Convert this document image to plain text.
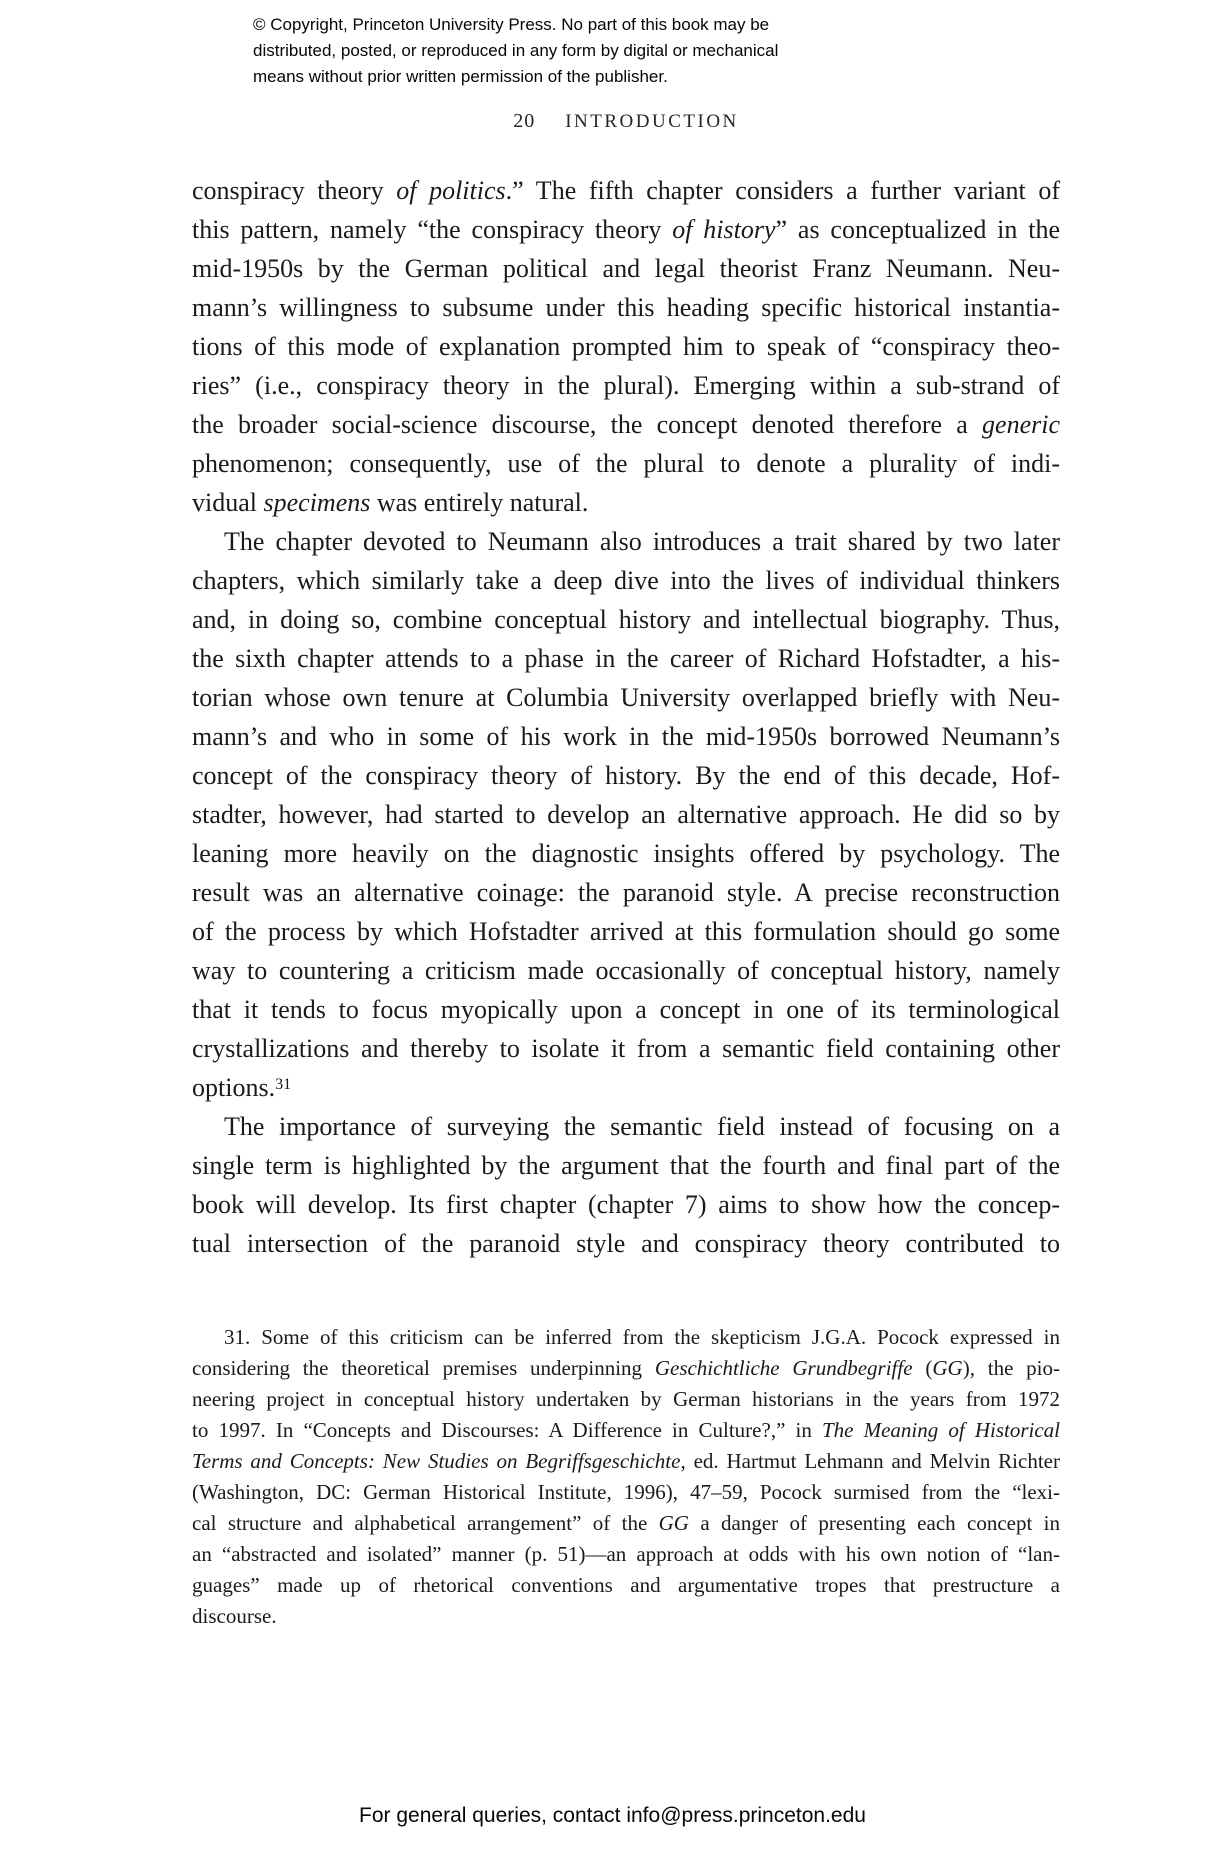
© Copyright, Princeton University Press. No part of this book may be
distributed, posted, or reproduced in any form by digital or mechanical
means without prior written permission of the publisher.
20 INTRODUCTION
conspiracy theory of politics.” The fifth chapter considers a further variant of
this pattern, namely “the conspiracy theory of history” as conceptualized in the
mid-1950s by the German political and legal theorist Franz Neumann. Neu-
mann’s willingness to subsume under this heading specific historical instantia-
tions of this mode of explanation prompted him to speak of “conspiracy theo-
ries” (i.e., conspiracy theory in the plural). Emerging within a sub-strand of
the broader social-science discourse, the concept denoted therefore a generic
phenomenon; consequently, use of the plural to denote a plurality of indi-
vidual specimens was entirely natural.
The chapter devoted to Neumann also introduces a trait shared by two later
chapters, which similarly take a deep dive into the lives of individual thinkers
and, in doing so, combine conceptual history and intellectual biography. Thus,
the sixth chapter attends to a phase in the career of Richard Hofstadter, a his-
torian whose own tenure at Columbia University overlapped briefly with Neu-
mann’s and who in some of his work in the mid-1950s borrowed Neumann’s
concept of the conspiracy theory of history. By the end of this decade, Hof-
stadter, however, had started to develop an alternative approach. He did so by
leaning more heavily on the diagnostic insights offered by psychology. The
result was an alternative coinage: the paranoid style. A precise reconstruction
of the process by which Hofstadter arrived at this formulation should go some
way to countering a criticism made occasionally of conceptual history, namely
that it tends to focus myopically upon a concept in one of its terminological
crystallizations and thereby to isolate it from a semantic field containing other
options.$^{31}$
The importance of surveying the semantic field instead of focusing on a
single term is highlighted by the argument that the fourth and final part of the
book will develop. Its first chapter (chapter 7) aims to show how the concep-
tual intersection of the paranoid style and conspiracy theory contributed to
31. Some of this criticism can be inferred from the skepticism J.G.A. Pocock expressed in
considering the theoretical premises underpinning Geschichtliche Grundbegriffe (GG), the pio-
neering project in conceptual history undertaken by German historians in the years from 1972
to 1997. In “Concepts and Discourses: A Difference in Culture?,” in The Meaning of Historical
Terms and Concepts: New Studies on Begriffsgeschichte, ed. Hartmut Lehmann and Melvin Richter
(Washington, DC: German Historical Institute, 1996), 47–59, Pocock surmised from the “lexi-
cal structure and alphabetical arrangement” of the GG a danger of presenting each concept in
an “abstracted and isolated” manner (p. 51)—an approach at odds with his own notion of “lan-
guages” made up of rhetorical conventions and argumentative tropes that prestructure a
discourse.
For general queries, contact info@press.princeton.edu
